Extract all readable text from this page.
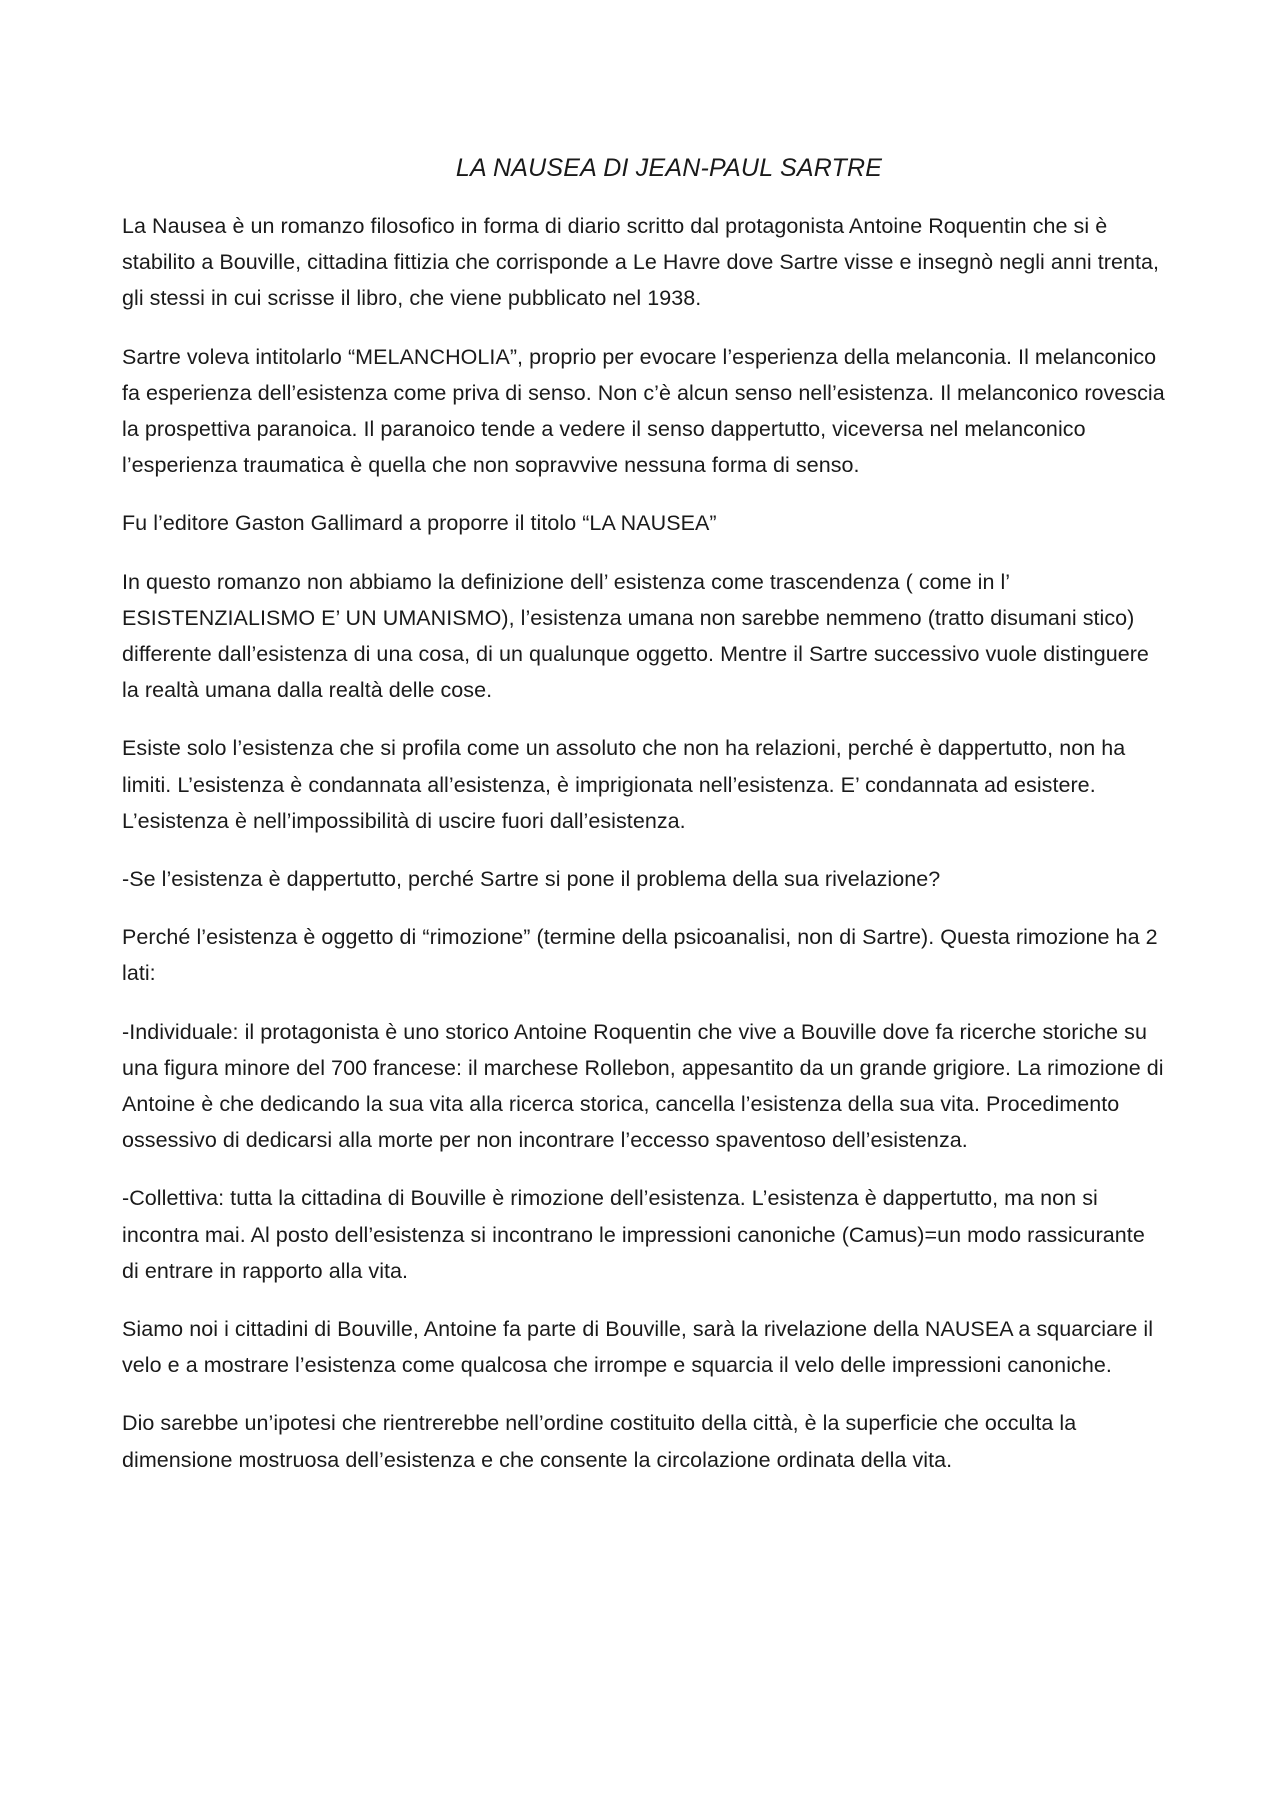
LA NAUSEA DI JEAN-PAUL SARTRE

La Nausea è un romanzo filosofico in forma di diario scritto dal protagonista Antoine Roquentin che si è stabilito a Bouville, cittadina fittizia che corrisponde a Le Havre dove Sartre visse e insegnò negli anni trenta, gli stessi in cui scrisse il libro, che viene pubblicato nel 1938.

Sartre voleva intitolarlo “MELANCHOLIA”, proprio per evocare l’esperienza della melanconia. Il melanconico fa esperienza dell’esistenza come priva di senso. Non c’è alcun senso nell’esistenza. Il melanconico rovescia la prospettiva paranoica. Il paranoico tende a vedere il senso dappertutto, viceversa nel melanconico l’esperienza traumatica è quella che non sopravvive nessuna forma di senso.

Fu l’editore Gaston Gallimard a proporre il titolo “LA NAUSEA”

In questo romanzo non abbiamo la definizione dell’ esistenza come trascendenza ( come in l’ ESISTENZIALISMO E’ UN UMANISMO), l’esistenza umana non sarebbe nemmeno (tratto disumani stico) differente dall’esistenza di una cosa, di un qualunque oggetto. Mentre il Sartre successivo vuole distinguere la realtà umana dalla realtà delle cose.

Esiste solo l’esistenza che si profila come un assoluto che non ha relazioni, perché è dappertutto, non ha limiti. L’esistenza è condannata all’esistenza, è imprigionata nell’esistenza. E’ condannata ad esistere. L’esistenza è nell’impossibilità di uscire fuori dall’esistenza.

-Se l’esistenza è dappertutto, perché Sartre si pone il problema della sua rivelazione?

Perché l’esistenza è oggetto di “rimozione” (termine della psicoanalisi, non di Sartre). Questa rimozione ha 2 lati:

-Individuale: il protagonista è uno storico Antoine Roquentin che vive a Bouville dove fa ricerche storiche su una figura minore del 700 francese: il marchese Rollebon, appesantito da un grande grigiore. La rimozione di Antoine è che dedicando la sua vita alla ricerca storica, cancella l’esistenza della sua vita. Procedimento ossessivo di dedicarsi alla morte per non incontrare l’eccesso spaventoso dell’esistenza.

-Collettiva: tutta la cittadina di Bouville è rimozione dell’esistenza. L’esistenza è dappertutto, ma non si incontra mai. Al posto dell’esistenza si incontrano le impressioni canoniche (Camus)=un modo rassicurante di entrare in rapporto alla vita.

Siamo noi i cittadini di Bouville, Antoine fa parte di Bouville, sarà la rivelazione della NAUSEA a squarciare il velo e a mostrare l’esistenza come qualcosa che irrompe e squarcia il velo delle impressioni canoniche.

Dio sarebbe un’ipotesi che rientrerebbe nell’ordine costituito della città, è la superficie che occulta la dimensione mostruosa dell’esistenza e che consente la circolazione ordinata della vita.
